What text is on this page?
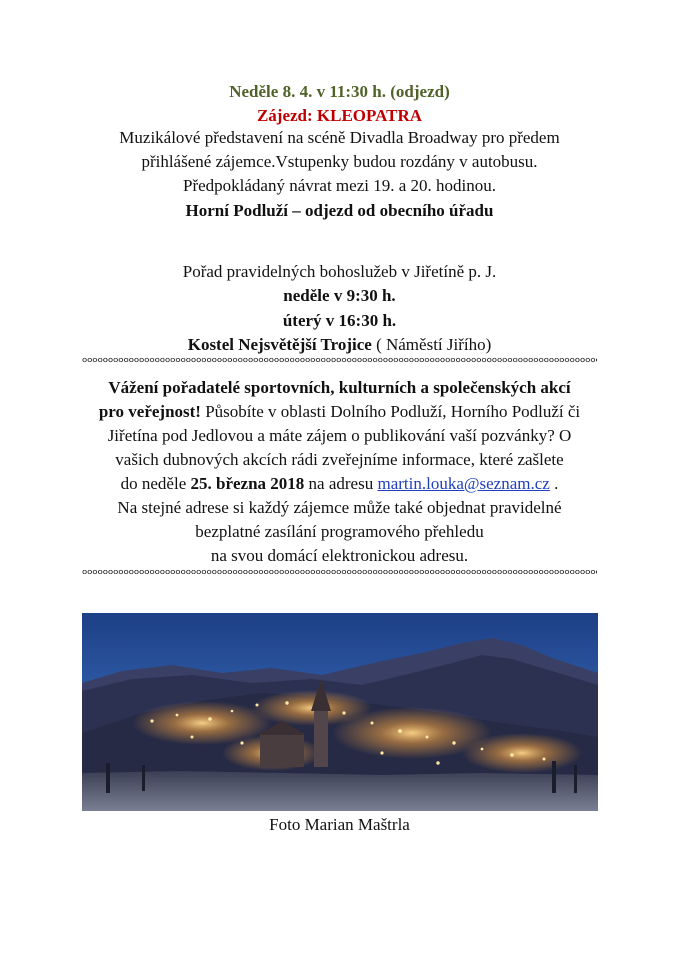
Neděle 8. 4. v 11:30 h. (odjezd)
Zájezd: KLEOPATRA
Muzikálové představení na scéně Divadla Broadway pro předem
přihlášené zájemce.Vstupenky budou rozdány v autobusu.
Předpokládaný návrat mezi 19. a 20. hodinou.
Horní Podluží – odjezd od obecního úřadu
Pořad pravidelných bohoslužeb v Jiřetíně p. J.
neděle v 9:30 h.
úterý v 16:30 h.
Kostel Nejsvětější Trojice ( Náměstí Jiřího)
Vážení pořadatelé sportovních, kulturních a společenských akcí
pro veřejnost! Působíte v oblasti Dolního Podluží, Horního Podluží či
Jiřetína pod Jedlovou a máte zájem o publikování vaší pozvánky? O
vašich dubnových akcích rádi zveřejníme informace, které zašlete
do neděle 25. března 2018 na adresu martin.louka@seznam.cz .
Na stejné adrese si každý zájemce může také objednat pravidelné
bezplatné zasílání programového přehledu
na svou domácí elektronickou adresu.
Foto Marian Maštrla
